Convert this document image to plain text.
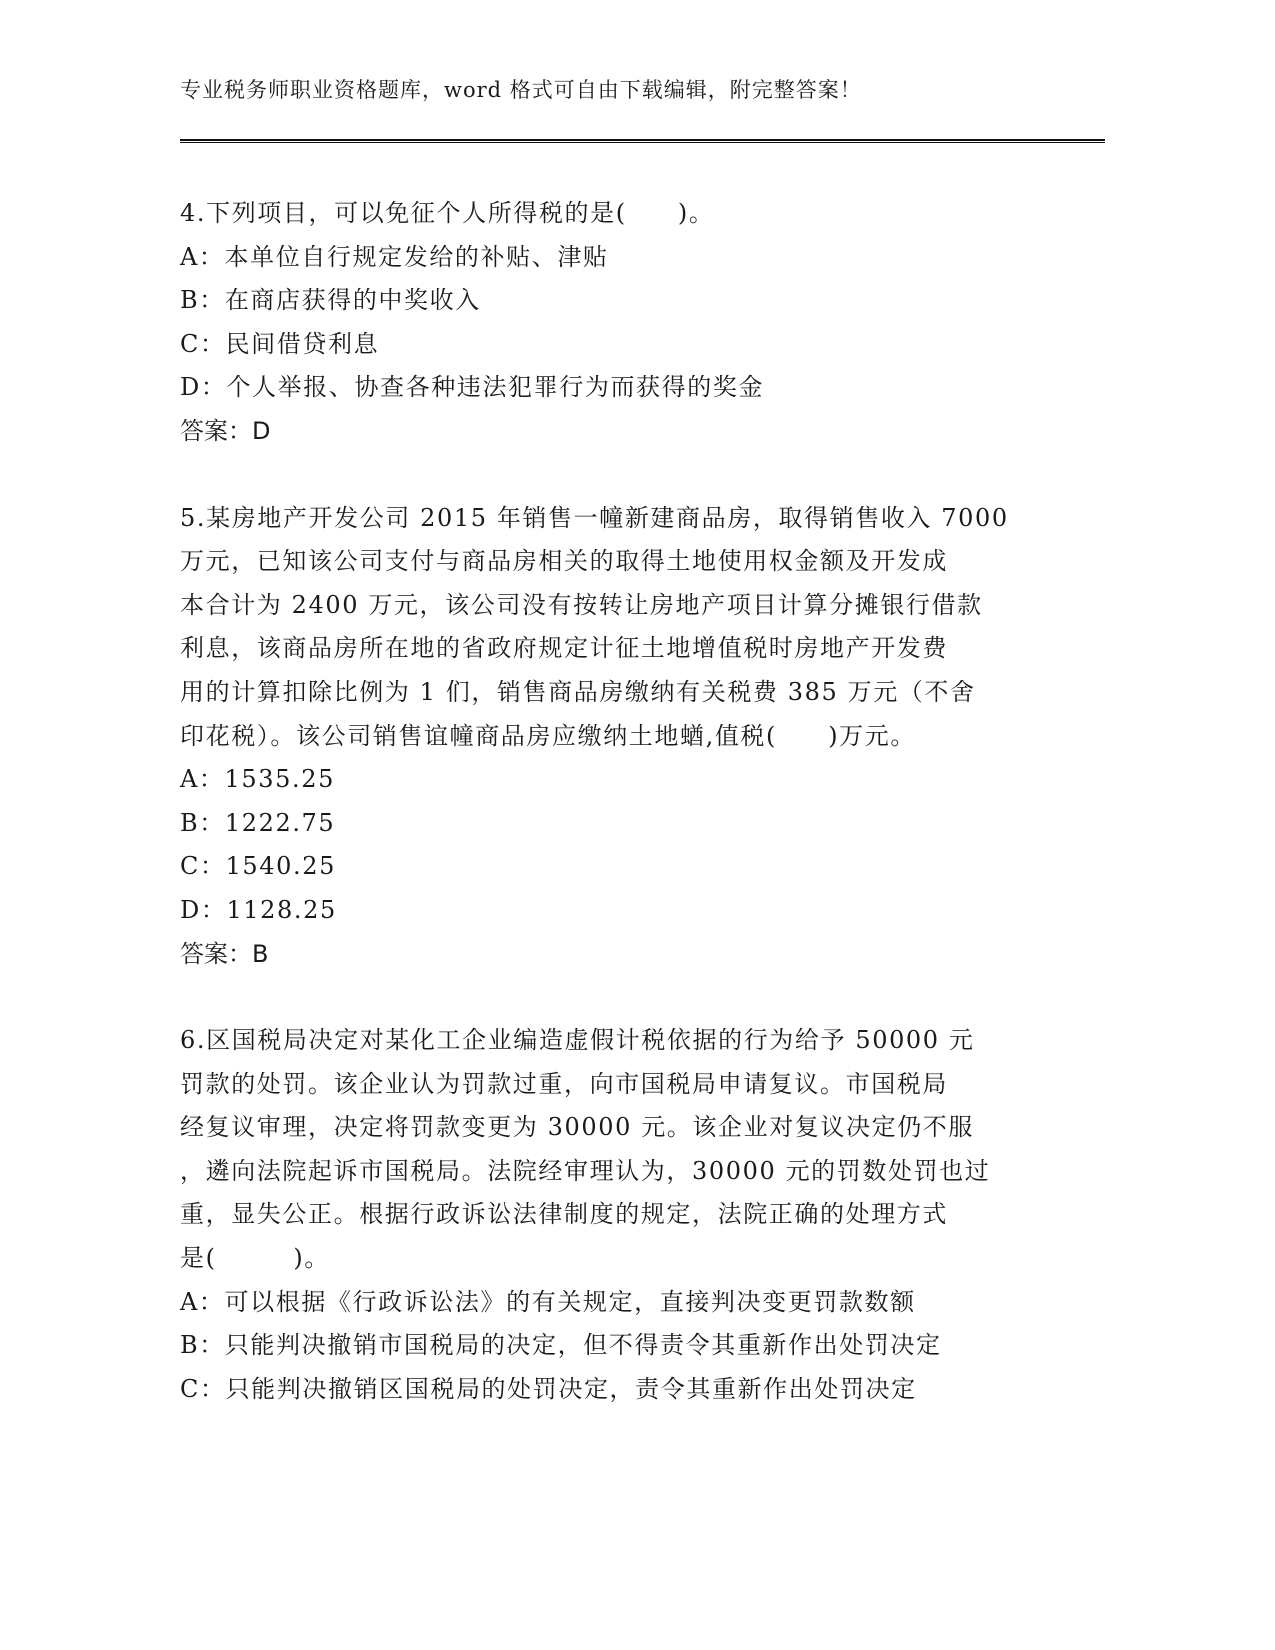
专业税务师职业资格题库，word 格式可自由下载编辑，附完整答案！
4.下列项目，可以免征个人所得税的是(　　)。
A：本单位自行规定发给的补贴、津贴
B：在商店获得的中奖收入
C：民间借贷利息
D：个人举报、协查各种违法犯罪行为而获得的奖金
答案：D
5.某房地产开发公司 2015 年销售一幢新建商品房，取得销售收入 7000
万元，已知该公司支付与商品房相关的取得土地使用权金额及开发成
本合计为 2400 万元，该公司没有按转让房地产项目计算分摊银行借款
利息，该商品房所在地的省政府规定计征土地增值税时房地产开发费
用的计算扣除比例为 1 们，销售商品房缴纳有关税费 385 万元（不舍
印花税）。该公司销售谊幢商品房应缴纳土地蝤,值税(　　)万元。
A：1535.25
B：1222.75
C：1540.25
D：1128.25
答案：B
6.区国税局决定对某化工企业编造虚假计税依据的行为给予 50000 元
罚款的处罚。该企业认为罚款过重，向市国税局申请复议。市国税局
经复议审理，决定将罚款变更为 30000 元。该企业对复议决定仍不服
，遴向法院起诉市国税局。法院经审理认为，30000 元的罚数处罚也过
重，显失公正。根据行政诉讼法律制度的规定，法院正确的处理方式
是(　　　)。
A：可以根据《行政诉讼法》的有关规定，直接判决变更罚款数额
B：只能判决撤销市国税局的决定，但不得责令其重新作出处罚决定
C：只能判决撤销区国税局的处罚决定，责令其重新作出处罚决定
